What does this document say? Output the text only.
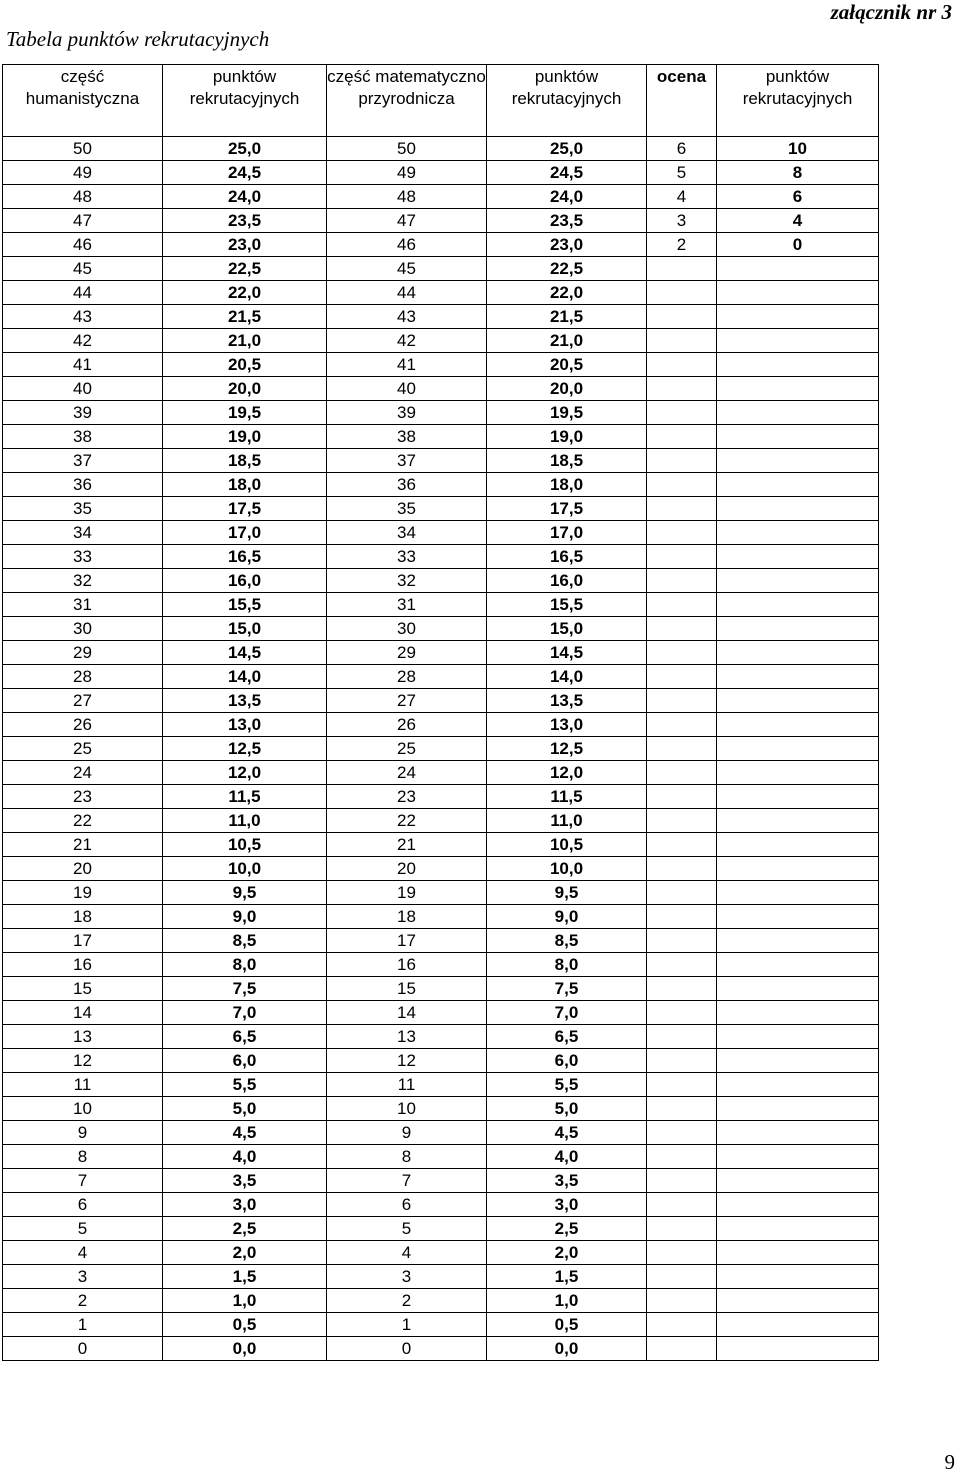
Tabela punktów rekrutacyjnych
załącznik nr 3
część humanistyczna	punktów rekrutacyjnych	część matematyczno przyrodnicza	punktów rekrutacyjnych	ocena	punktów rekrutacyjnych
50	25,0	50	25,0	6	10
49	24,5	49	24,5	5	8
48	24,0	48	24,0	4	6
47	23,5	47	23,5	3	4
46	23,0	46	23,0	2	0
45	22,5	45	22,5		
44	22,0	44	22,0		
43	21,5	43	21,5		
42	21,0	42	21,0		
41	20,5	41	20,5		
40	20,0	40	20,0		
39	19,5	39	19,5		
38	19,0	38	19,0		
37	18,5	37	18,5		
36	18,0	36	18,0		
35	17,5	35	17,5		
34	17,0	34	17,0		
33	16,5	33	16,5		
32	16,0	32	16,0		
31	15,5	31	15,5		
30	15,0	30	15,0		
29	14,5	29	14,5		
28	14,0	28	14,0		
27	13,5	27	13,5		
26	13,0	26	13,0		
25	12,5	25	12,5		
24	12,0	24	12,0		
23	11,5	23	11,5		
22	11,0	22	11,0		
21	10,5	21	10,5		
20	10,0	20	10,0		
19	9,5	19	9,5		
18	9,0	18	9,0		
17	8,5	17	8,5		
16	8,0	16	8,0		
15	7,5	15	7,5		
14	7,0	14	7,0		
13	6,5	13	6,5		
12	6,0	12	6,0		
11	5,5	11	5,5		
10	5,0	10	5,0		
9	4,5	9	4,5		
8	4,0	8	4,0		
7	3,5	7	3,5		
6	3,0	6	3,0		
5	2,5	5	2,5		
4	2,0	4	2,0		
3	1,5	3	1,5		
2	1,0	2	1,0		
1	0,5	1	0,5		
0	0,0	0	0,0		
9
